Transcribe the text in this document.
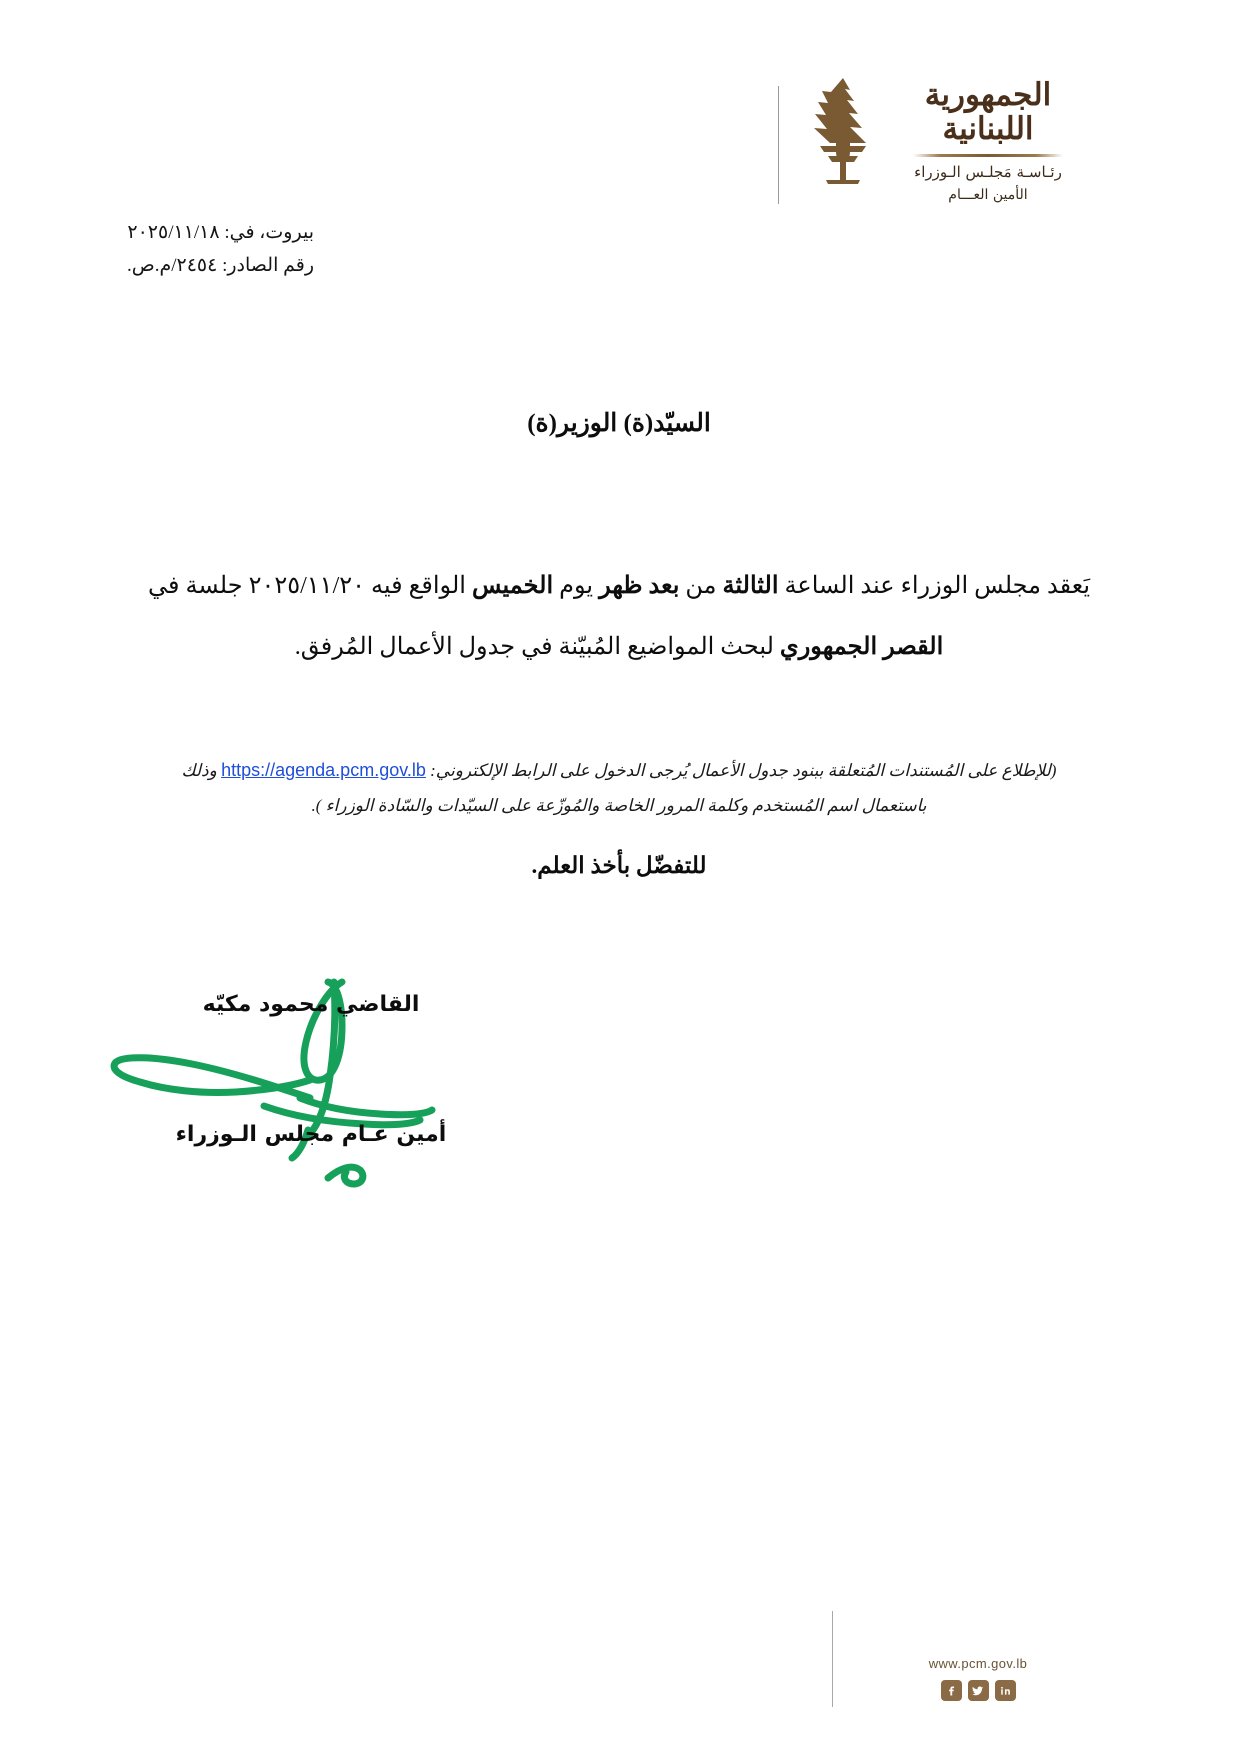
الجمهورية
اللبنانية
رئـاسـة مَجلـس الـوزراء
الأمين العـــام
بيروت، في: ٢٠٢٥/١١/١٨
رقم الصادر: ٢٤٥٤/م.ص.
السيّد(ة) الوزير(ة)
يَعقد مجلس الوزراء عند الساعة الثالثة من بعد ظهر يوم الخميس الواقع فيه ٢٠٢٥/١١/٢٠ جلسة في القصر الجمهوري لبحث المواضيع المُبيّنة في جدول الأعمال المُرفق.
(للإطلاع على المُستندات المُتعلقة ببنود جدول الأعمال يُرجى الدخول على الرابط الإلكتروني: https://agenda.pcm.gov.lb وذلك باستعمال اسم المُستخدم وكلمة المرور الخاصة والمُوزّعة على السيّدات والسّادة الوزراء ).
للتفضّل بأخذ العلم.
القاضي محمود مكيّه
أمين عـام مجلس الـوزراء
www.pcm.gov.lb
